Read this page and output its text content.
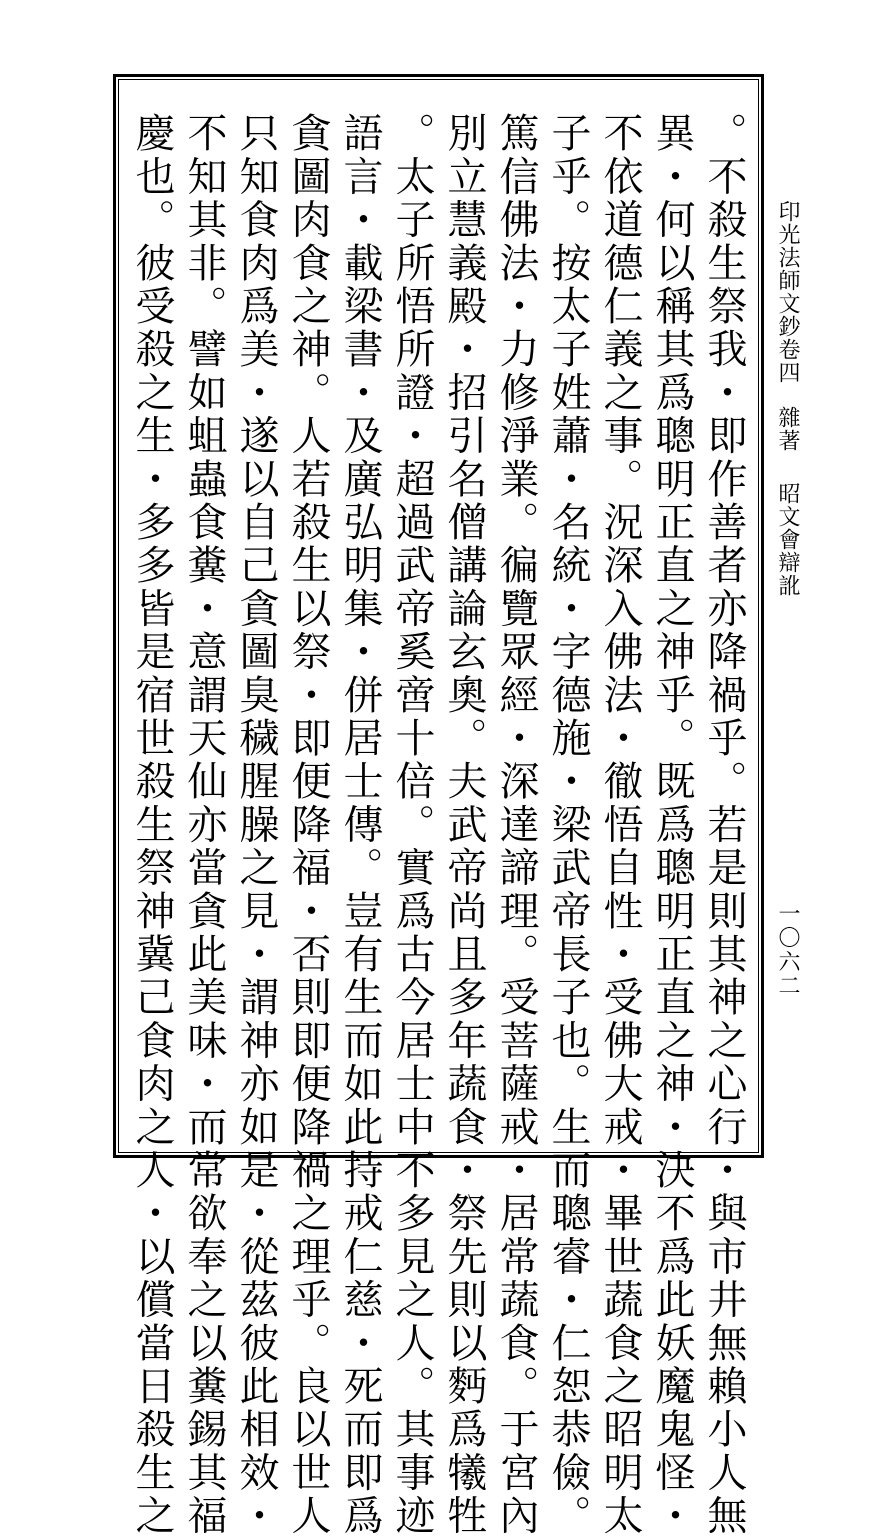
印光法師文鈔卷四雜著昭文會辯訛
一〇六二
。不殺生祭我・即作善者亦降禍乎。若是則其神之心行・與市井無賴小人無
異・何以稱其爲聰明正直之神乎。既爲聰明正直之神・決不爲此妖魔鬼怪・
不依道德仁義之事。況深入佛法・徹悟自性・受佛大戒・畢世蔬食之昭明太
子乎。按太子姓蕭・名統・字德施・梁武帝長子也。生而聰睿・仁恕恭儉。
篤信佛法・力修淨業。徧覽眾經・深達諦理。受菩薩戒・居常蔬食。于宮內
別立慧義殿・招引名僧講論玄奧。夫武帝尚且多年蔬食・祭先則以麪爲犧牲
。太子所悟所證・超過武帝奚啻十倍。實爲古今居士中不多見之人。其事迹
語言・載梁書・及廣弘明集・併居士傳。豈有生而如此持戒仁慈・死而即爲
貪圖肉食之神。人若殺生以祭・即便降福・否則即便降禍之理乎。良以世人
只知食肉爲美・遂以自己貪圖臭穢腥臊之見・謂神亦如是・從茲彼此相效・
不知其非。譬如蛆蟲食糞・意謂天仙亦當貪此美味・而常欲奉之以糞錫其福
慶也。彼受殺之生・多多皆是宿世殺生祭神冀己食肉之人・以償當日殺生之
